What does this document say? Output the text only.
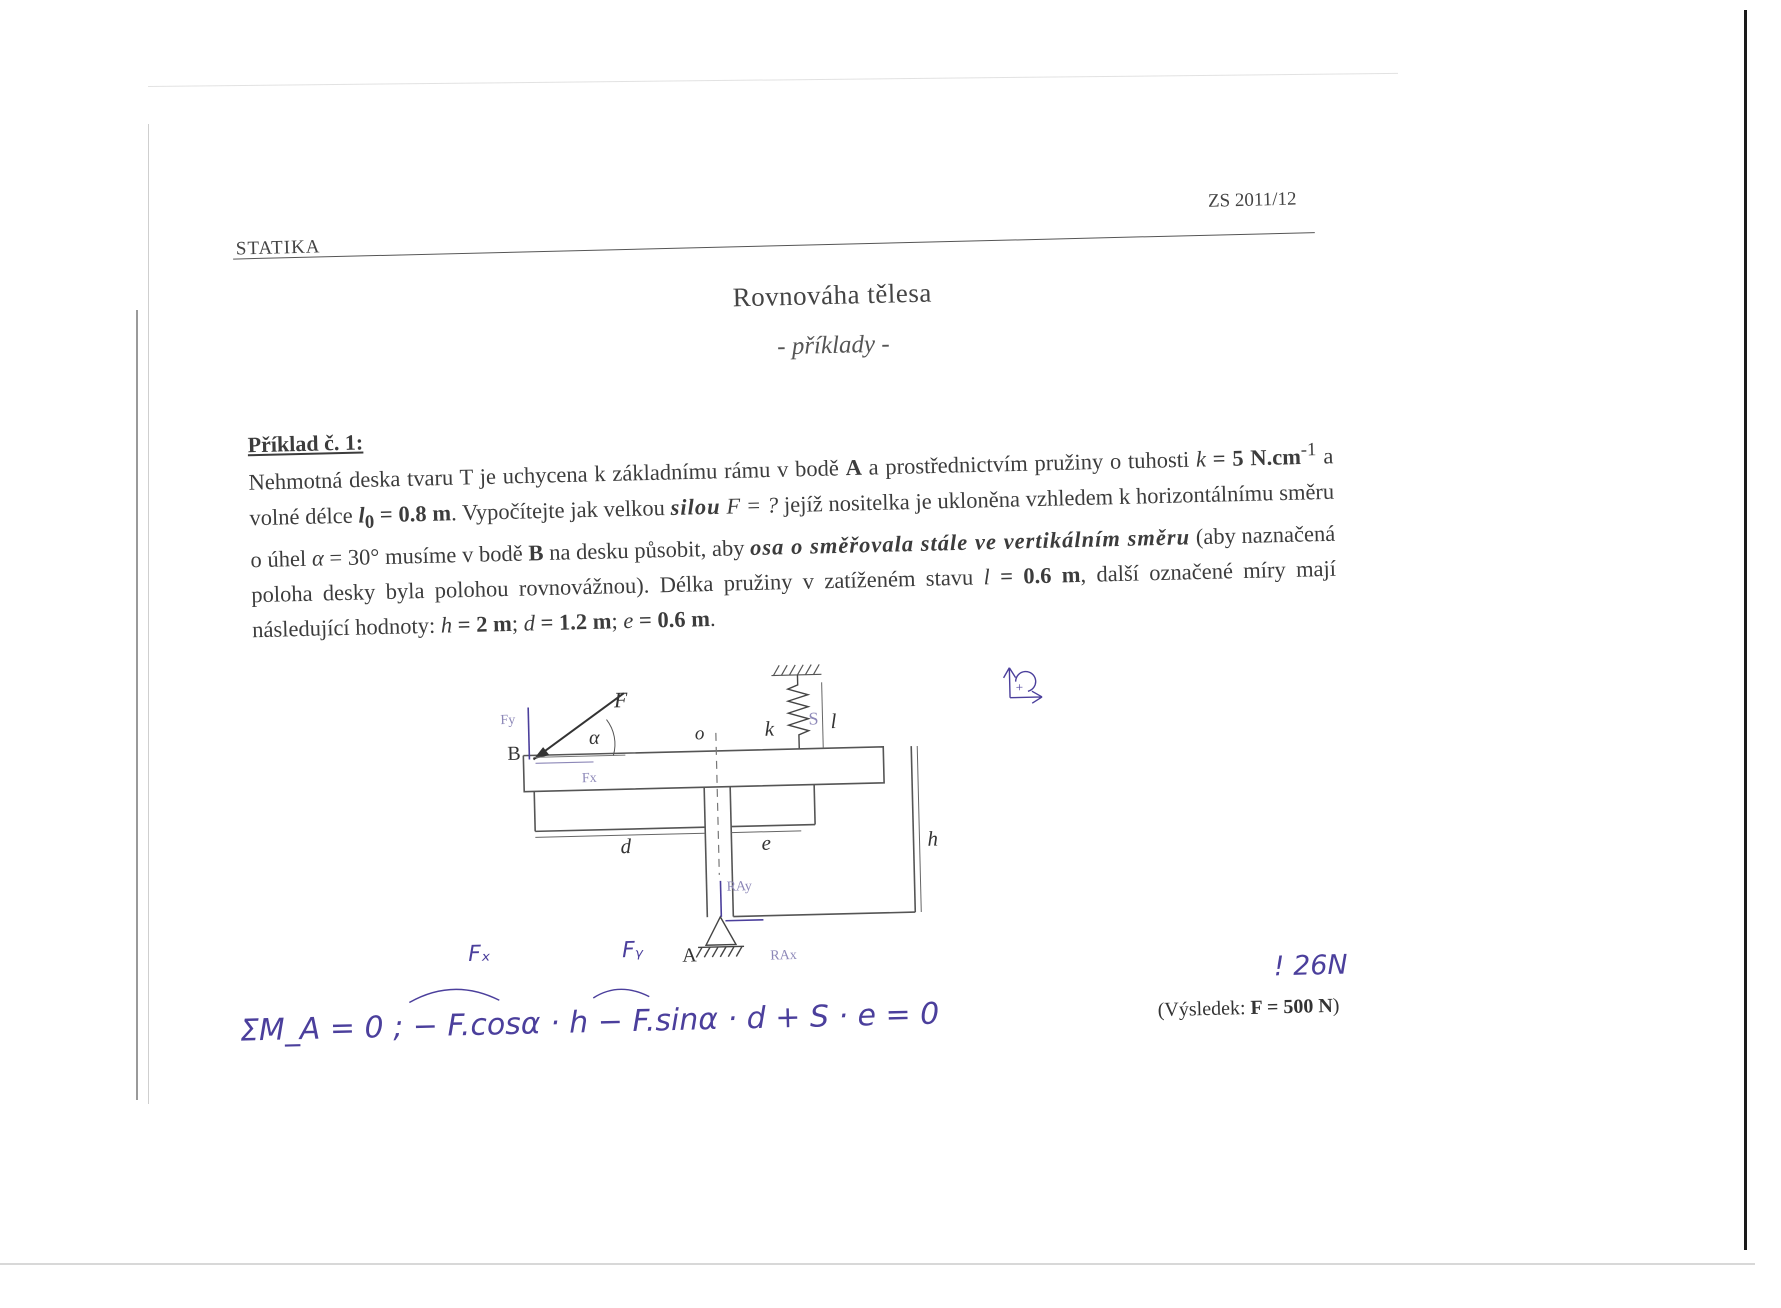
STATIKA
ZS 2011/12
Rovnováha tělesa
- příklady -
Příklad č. 1:
Nehmotná deska tvaru T je uchycena k základnímu rámu v bodě A a prostřednictvím pružiny o tuhosti k = 5 $N.cm^{-1}$ a volné délce $l_0 = 0.8$ m. Vypočítejte jak velkou silou F = ? jejíž nositelka je ukloněna vzhledem k horizontálnímu směru o úhel α = 30° musíme v bodě B na desku působit, aby osa o směřovala stále ve vertikálním směru (aby naznačená poloha desky byla polohou rovnovážnou). Délka pružiny v zatíženém stavu l = 0.6 m, další označené míry mají následující hodnoty: h = 2 m; d = 1.2 m; e = 0.6 m.
F
α
B
o	k	l
d	e	h
A
S
Fx
Fy
RAy
RAx
+
Fₓ	Fᵧ
ΣM_A = 0 ; − F.cosα · h − F.sinα · d + S · e = 0
! 26N
(Výsledek: F = 500 N)
